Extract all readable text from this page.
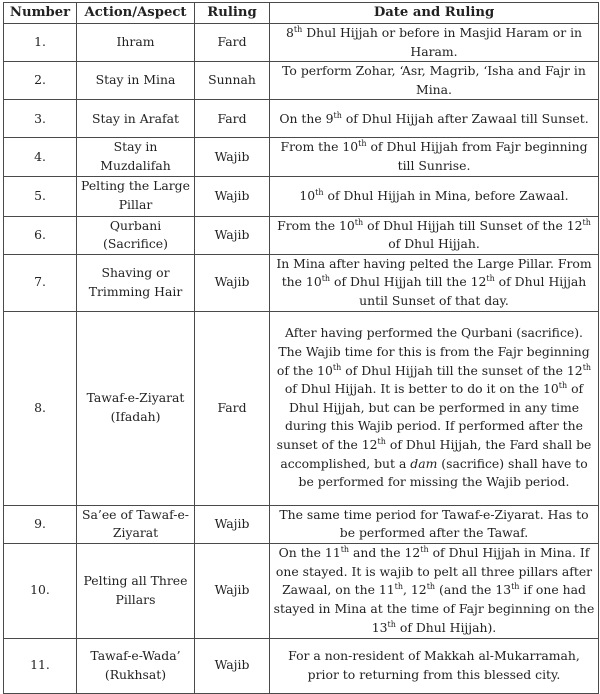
Number	Action/Aspect	Ruling	Date and Ruling
1.	Ihram	Fard	8th Dhul Hijjah or before in Masjid Haram or in Haram.
2.	Stay in Mina	Sunnah	To perform Zohar, ‘Asr, Magrib, ‘Isha and Fajr in Mina.
3.	Stay in Arafat	Fard	On the 9th of Dhul Hijjah after Zawaal till Sunset.
4.	Stay in Muzdalifah	Wajib	From the 10th of Dhul Hijjah from Fajr beginning till Sunrise.
5.	Pelting the Large Pillar	Wajib	10th of Dhul Hijjah in Mina, before Zawaal.
6.	Qurbani (Sacrifice)	Wajib	From the 10th of Dhul Hijjah till Sunset of the 12th of Dhul Hijjah.
7.	Shaving or Trimming Hair	Wajib	In Mina after having pelted the Large Pillar. From the 10th of Dhul Hijjah till the 12th of Dhul Hijjah until Sunset of that day.
8.	Tawaf-e-Ziyarat (Ifadah)	Fard	After having performed the Qurbani (sacrifice). The Wajib time for this is from the Fajr beginning of the 10th of Dhul Hijjah till the sunset of the 12th of Dhul Hijjah. It is better to do it on the 10th of Dhul Hijjah, but can be performed in any time during this Wajib period. If performed after the sunset of the 12th of Dhul Hijjah, the Fard shall be accomplished, but a dam (sacrifice) shall have to be performed for missing the Wajib period.
9.	Sa’ee of Tawaf-e-Ziyarat	Wajib	The same time period for Tawaf-e-Ziyarat. Has to be performed after the Tawaf.
10.	Pelting all Three Pillars	Wajib	On the 11th and the 12th of Dhul Hijjah in Mina. If one stayed. It is wajib to pelt all three pillars after Zawaal, on the 11th, 12th (and the 13th if one had stayed in Mina at the time of Fajr beginning on the 13th of Dhul Hijjah).
11.	Tawaf-e-Wada’ (Rukhsat)	Wajib	For a non-resident of Makkah al-Mukarramah, prior to returning from this blessed city.
